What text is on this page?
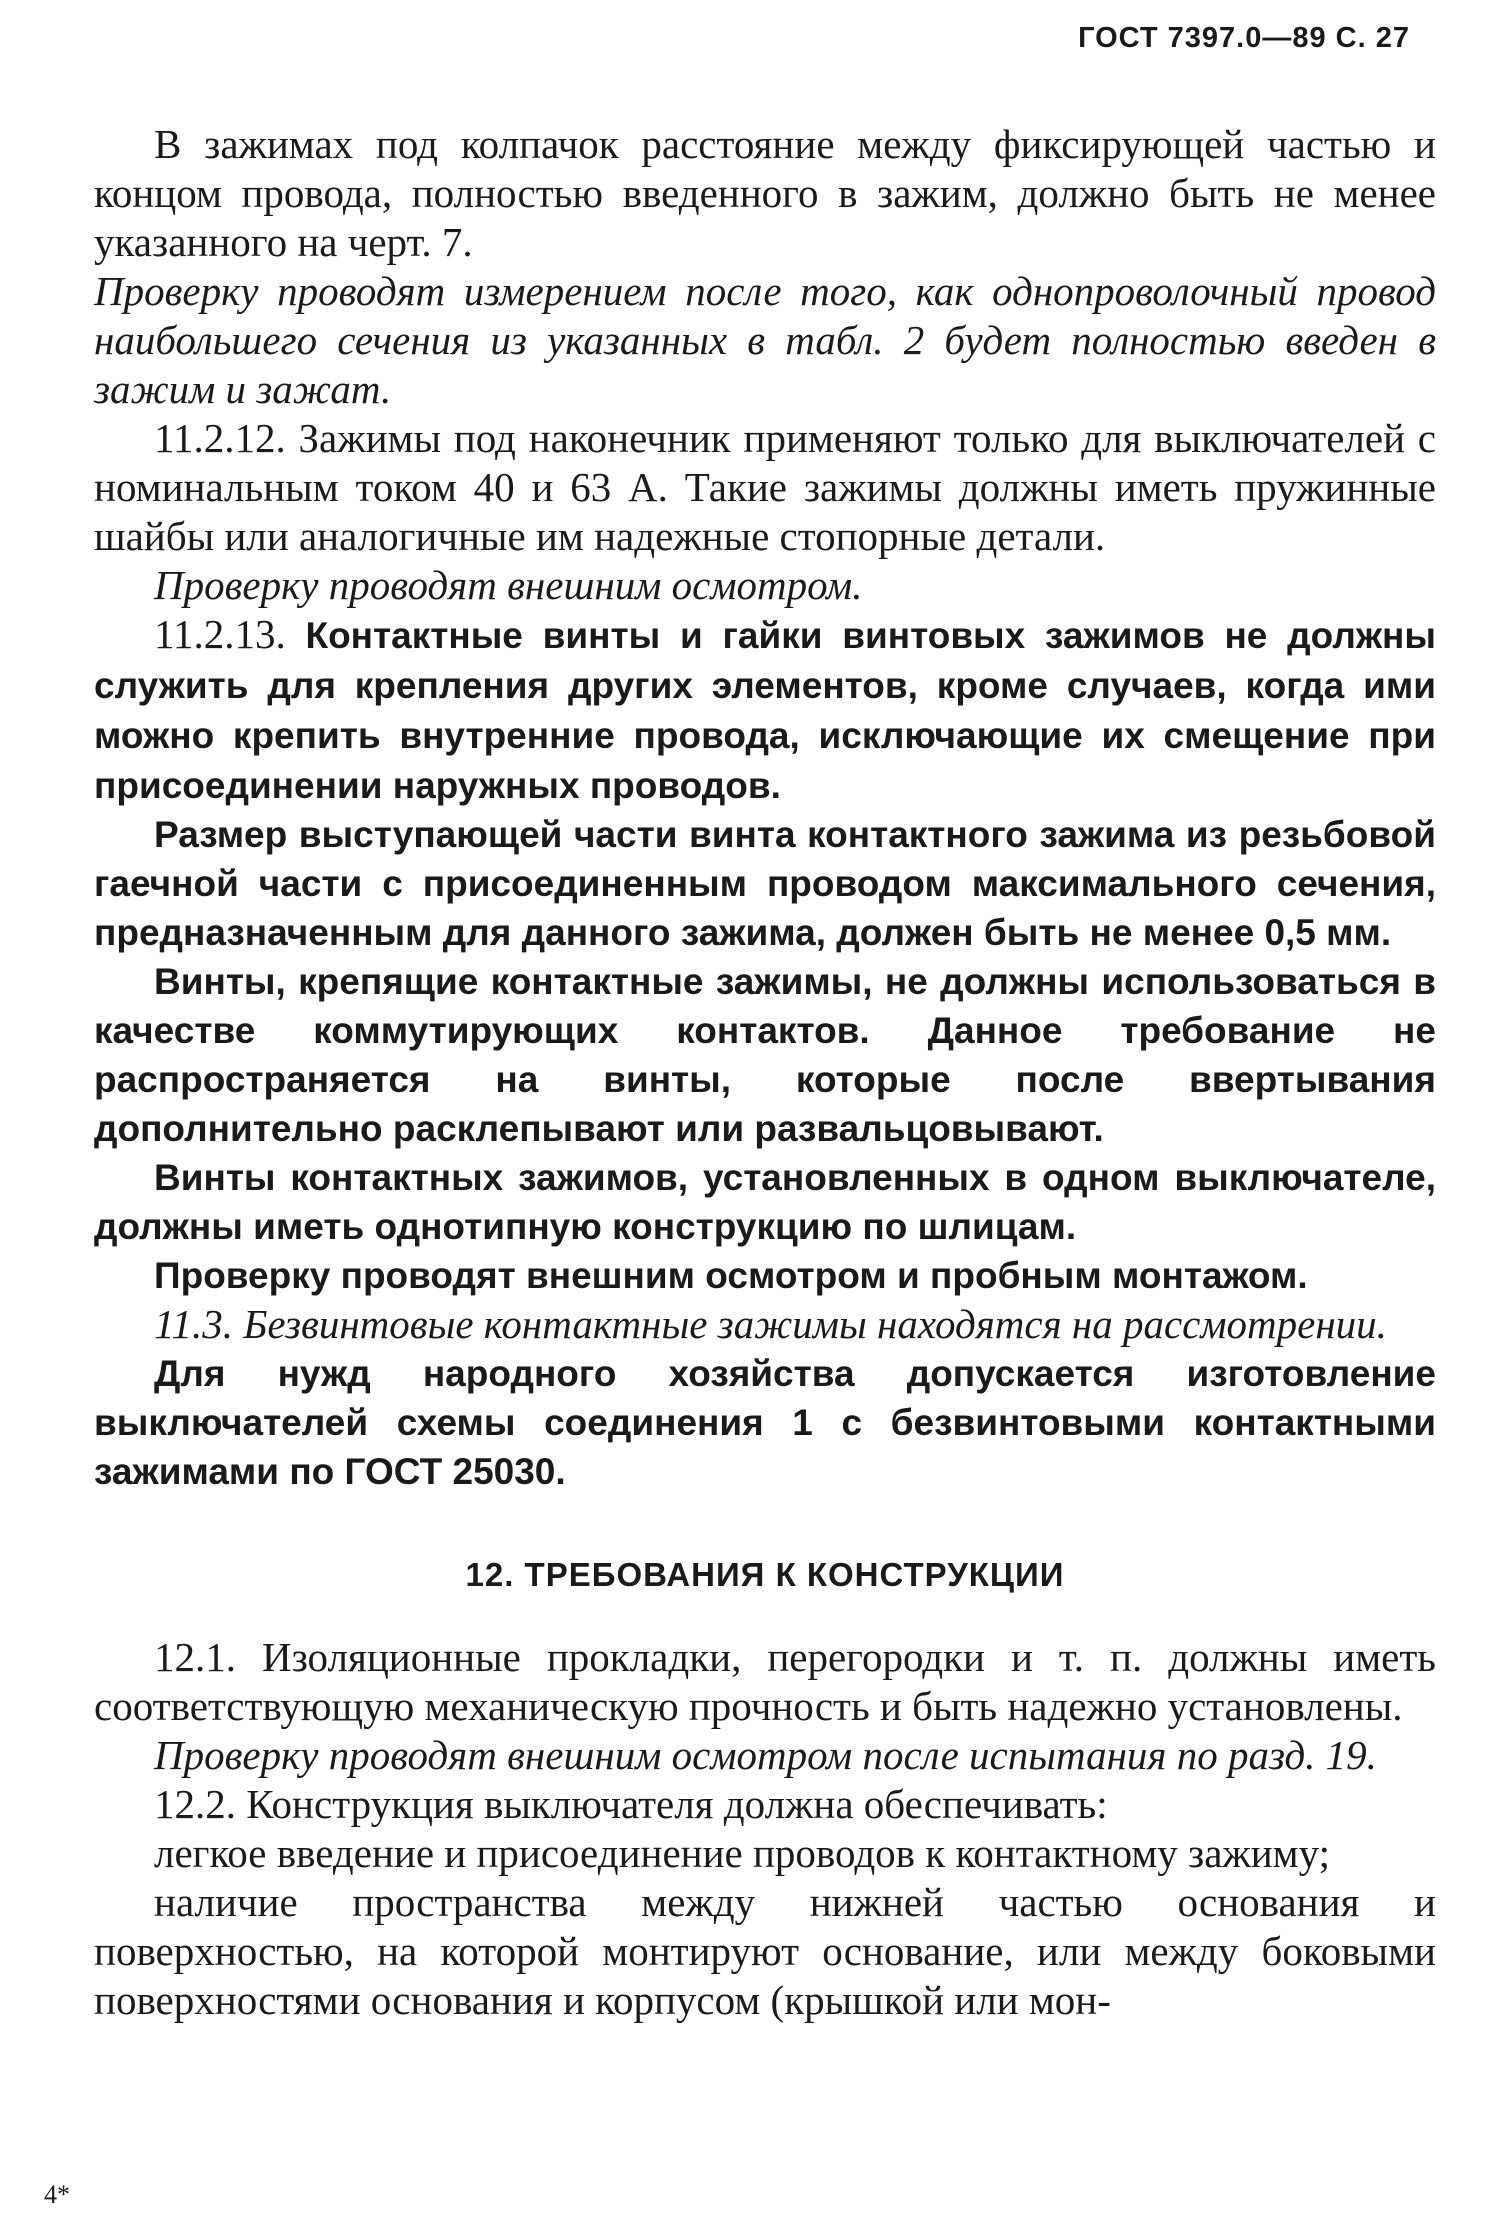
ГОСТ 7397.0—89 С. 27

В зажимах под колпачок расстояние между фиксирующей частью и концом провода, полностью введенного в зажим, должно быть не менее указанного на черт. 7.

Проверку проводят измерением после того, как однопроволочный провод наибольшего сечения из указанных в табл. 2 будет полностью введен в зажим и зажат.

11.2.12. Зажимы под наконечник применяют только для выключателей с номинальным током 40 и 63 А. Такие зажимы должны иметь пружинные шайбы или аналогичные им надежные стопорные детали.

Проверку проводят внешним осмотром.

11.2.13. Контактные винты и гайки винтовых зажимов не должны служить для крепления других элементов, кроме случаев, когда ими можно крепить внутренние провода, исключающие их смещение при присоединении наружных проводов.

Размер выступающей части винта контактного зажима из резьбовой гаечной части с присоединенным проводом максимального сечения, предназначенным для данного зажима, должен быть не менее 0,5 мм.

Винты, крепящие контактные зажимы, не должны использоваться в качестве коммутирующих контактов. Данное требование не распространяется на винты, которые после ввертывания дополнительно расклепывают или развальцовывают.

Винты контактных зажимов, установленных в одном выключателе, должны иметь однотипную конструкцию по шлицам.

Проверку проводят внешним осмотром и пробным монтажом.

11.3. Безвинтовые контактные зажимы находятся на рассмотрении.

Для нужд народного хозяйства допускается изготовление выключателей схемы соединения 1 с безвинтовыми контактными зажимами по ГОСТ 25030.

12. ТРЕБОВАНИЯ К КОНСТРУКЦИИ

12.1. Изоляционные прокладки, перегородки и т. п. должны иметь соответствующую механическую прочность и быть надежно установлены.

Проверку проводят внешним осмотром после испытания по разд. 19.

12.2. Конструкция выключателя должна обеспечивать:

легкое введение и присоединение проводов к контактному зажиму;

наличие пространства между нижней частью основания и поверхностью, на которой монтируют основание, или между боковыми поверхностями основания и корпусом (крышкой или мон-

4*
